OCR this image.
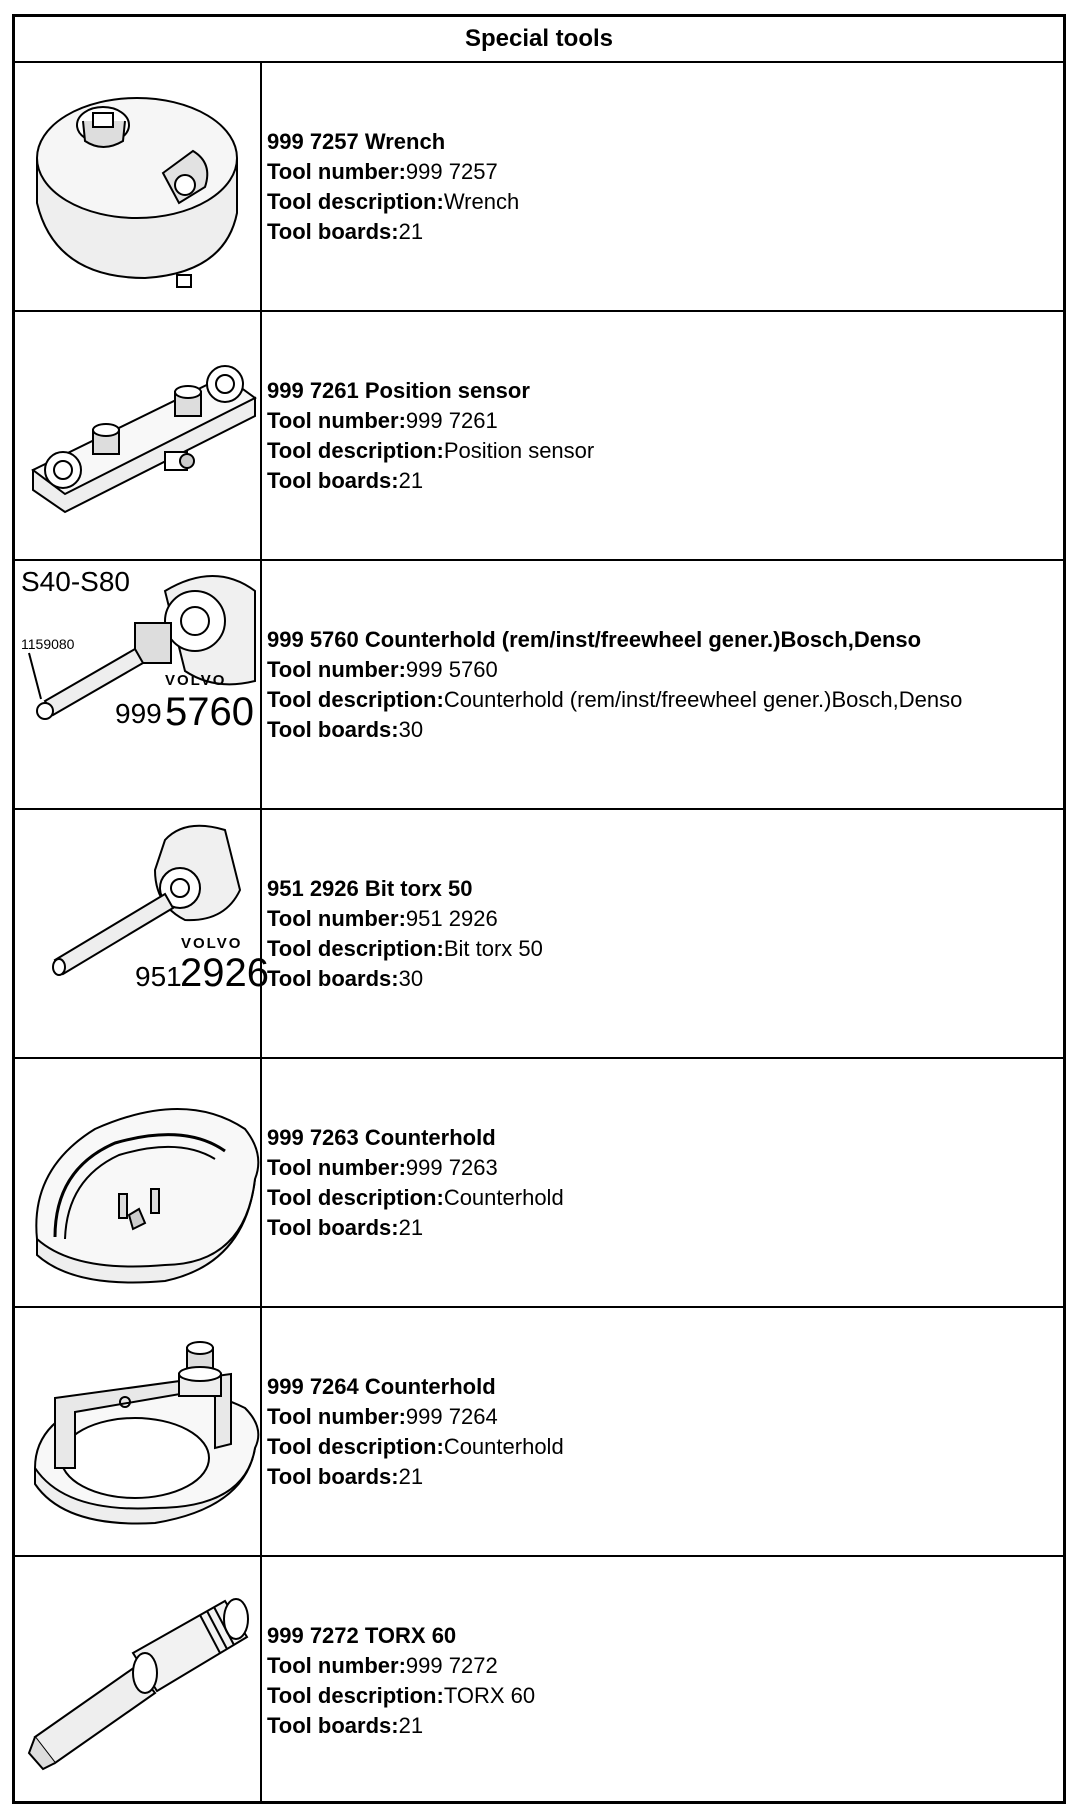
Special tools
999 7257 Wrench
Tool number:999 7257
Tool description:Wrench
Tool boards:21
999 7261 Position sensor
Tool number:999 7261
Tool description:Position sensor
Tool boards:21
S40-S80
1159080
VOLVO
999 5760
999 5760 Counterhold (rem/inst/freewheel gener.)Bosch,Denso
Tool number:999 5760
Tool description:Counterhold (rem/inst/freewheel gener.)Bosch,Denso
Tool boards:30
VOLVO
951
2926
951 2926 Bit torx 50
Tool number:951 2926
Tool description:Bit torx 50
Tool boards:30
999 7263 Counterhold
Tool number:999 7263
Tool description:Counterhold
Tool boards:21
999 7264 Counterhold
Tool number:999 7264
Tool description:Counterhold
Tool boards:21
999 7272 TORX 60
Tool number:999 7272
Tool description:TORX 60
Tool boards:21
